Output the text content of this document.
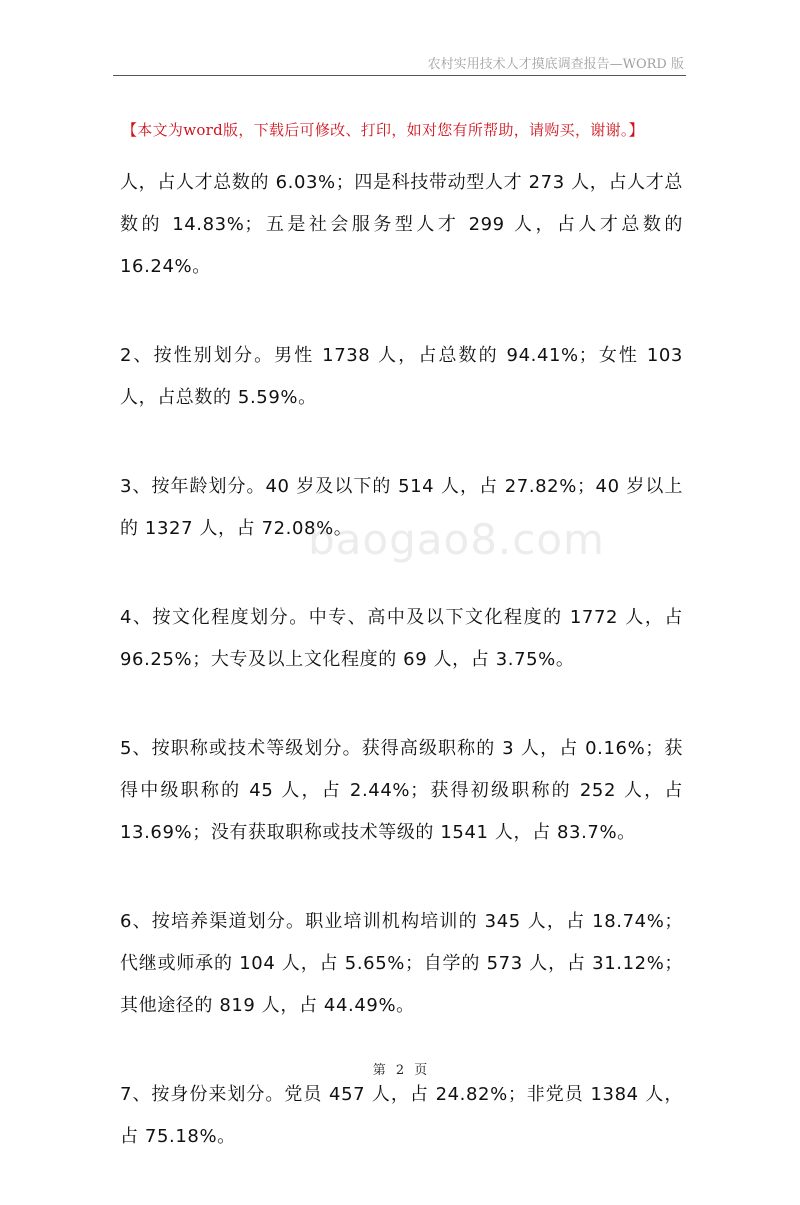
农村实用技术人才摸底调查报告—WORD 版
【本文为word版，下载后可修改、打印，如对您有所帮助，请购买，谢谢。】
baogao8.com

人，占人才总数的 6.03%；四是科技带动型人才 273 人，占人才总数的 14.83%；五是社会服务型人才 299 人，占人才总数的 16.24%。

2、按性别划分。男性 1738 人，占总数的 94.41%；女性 103 人，占总数的 5.59%。

3、按年龄划分。40 岁及以下的 514 人，占 27.82%；40 岁以上的 1327 人，占 72.08%。

4、按文化程度划分。中专、高中及以下文化程度的 1772 人，占 96.25%；大专及以上文化程度的 69 人，占 3.75%。

5、按职称或技术等级划分。获得高级职称的 3 人，占 0.16%；获得中级职称的 45 人，占 2.44%；获得初级职称的 252 人，占 13.69%；没有获取职称或技术等级的 1541 人，占 83.7%。

6、按培养渠道划分。职业培训机构培训的 345 人，占 18.74%；代继或师承的 104 人，占 5.65%；自学的 573 人，占 31.12%；其他途径的 819 人，占 44.49%。

7、按身份来划分。党员 457 人，占 24.82%；非党员 1384 人，占 75.18%。

第 2 页
